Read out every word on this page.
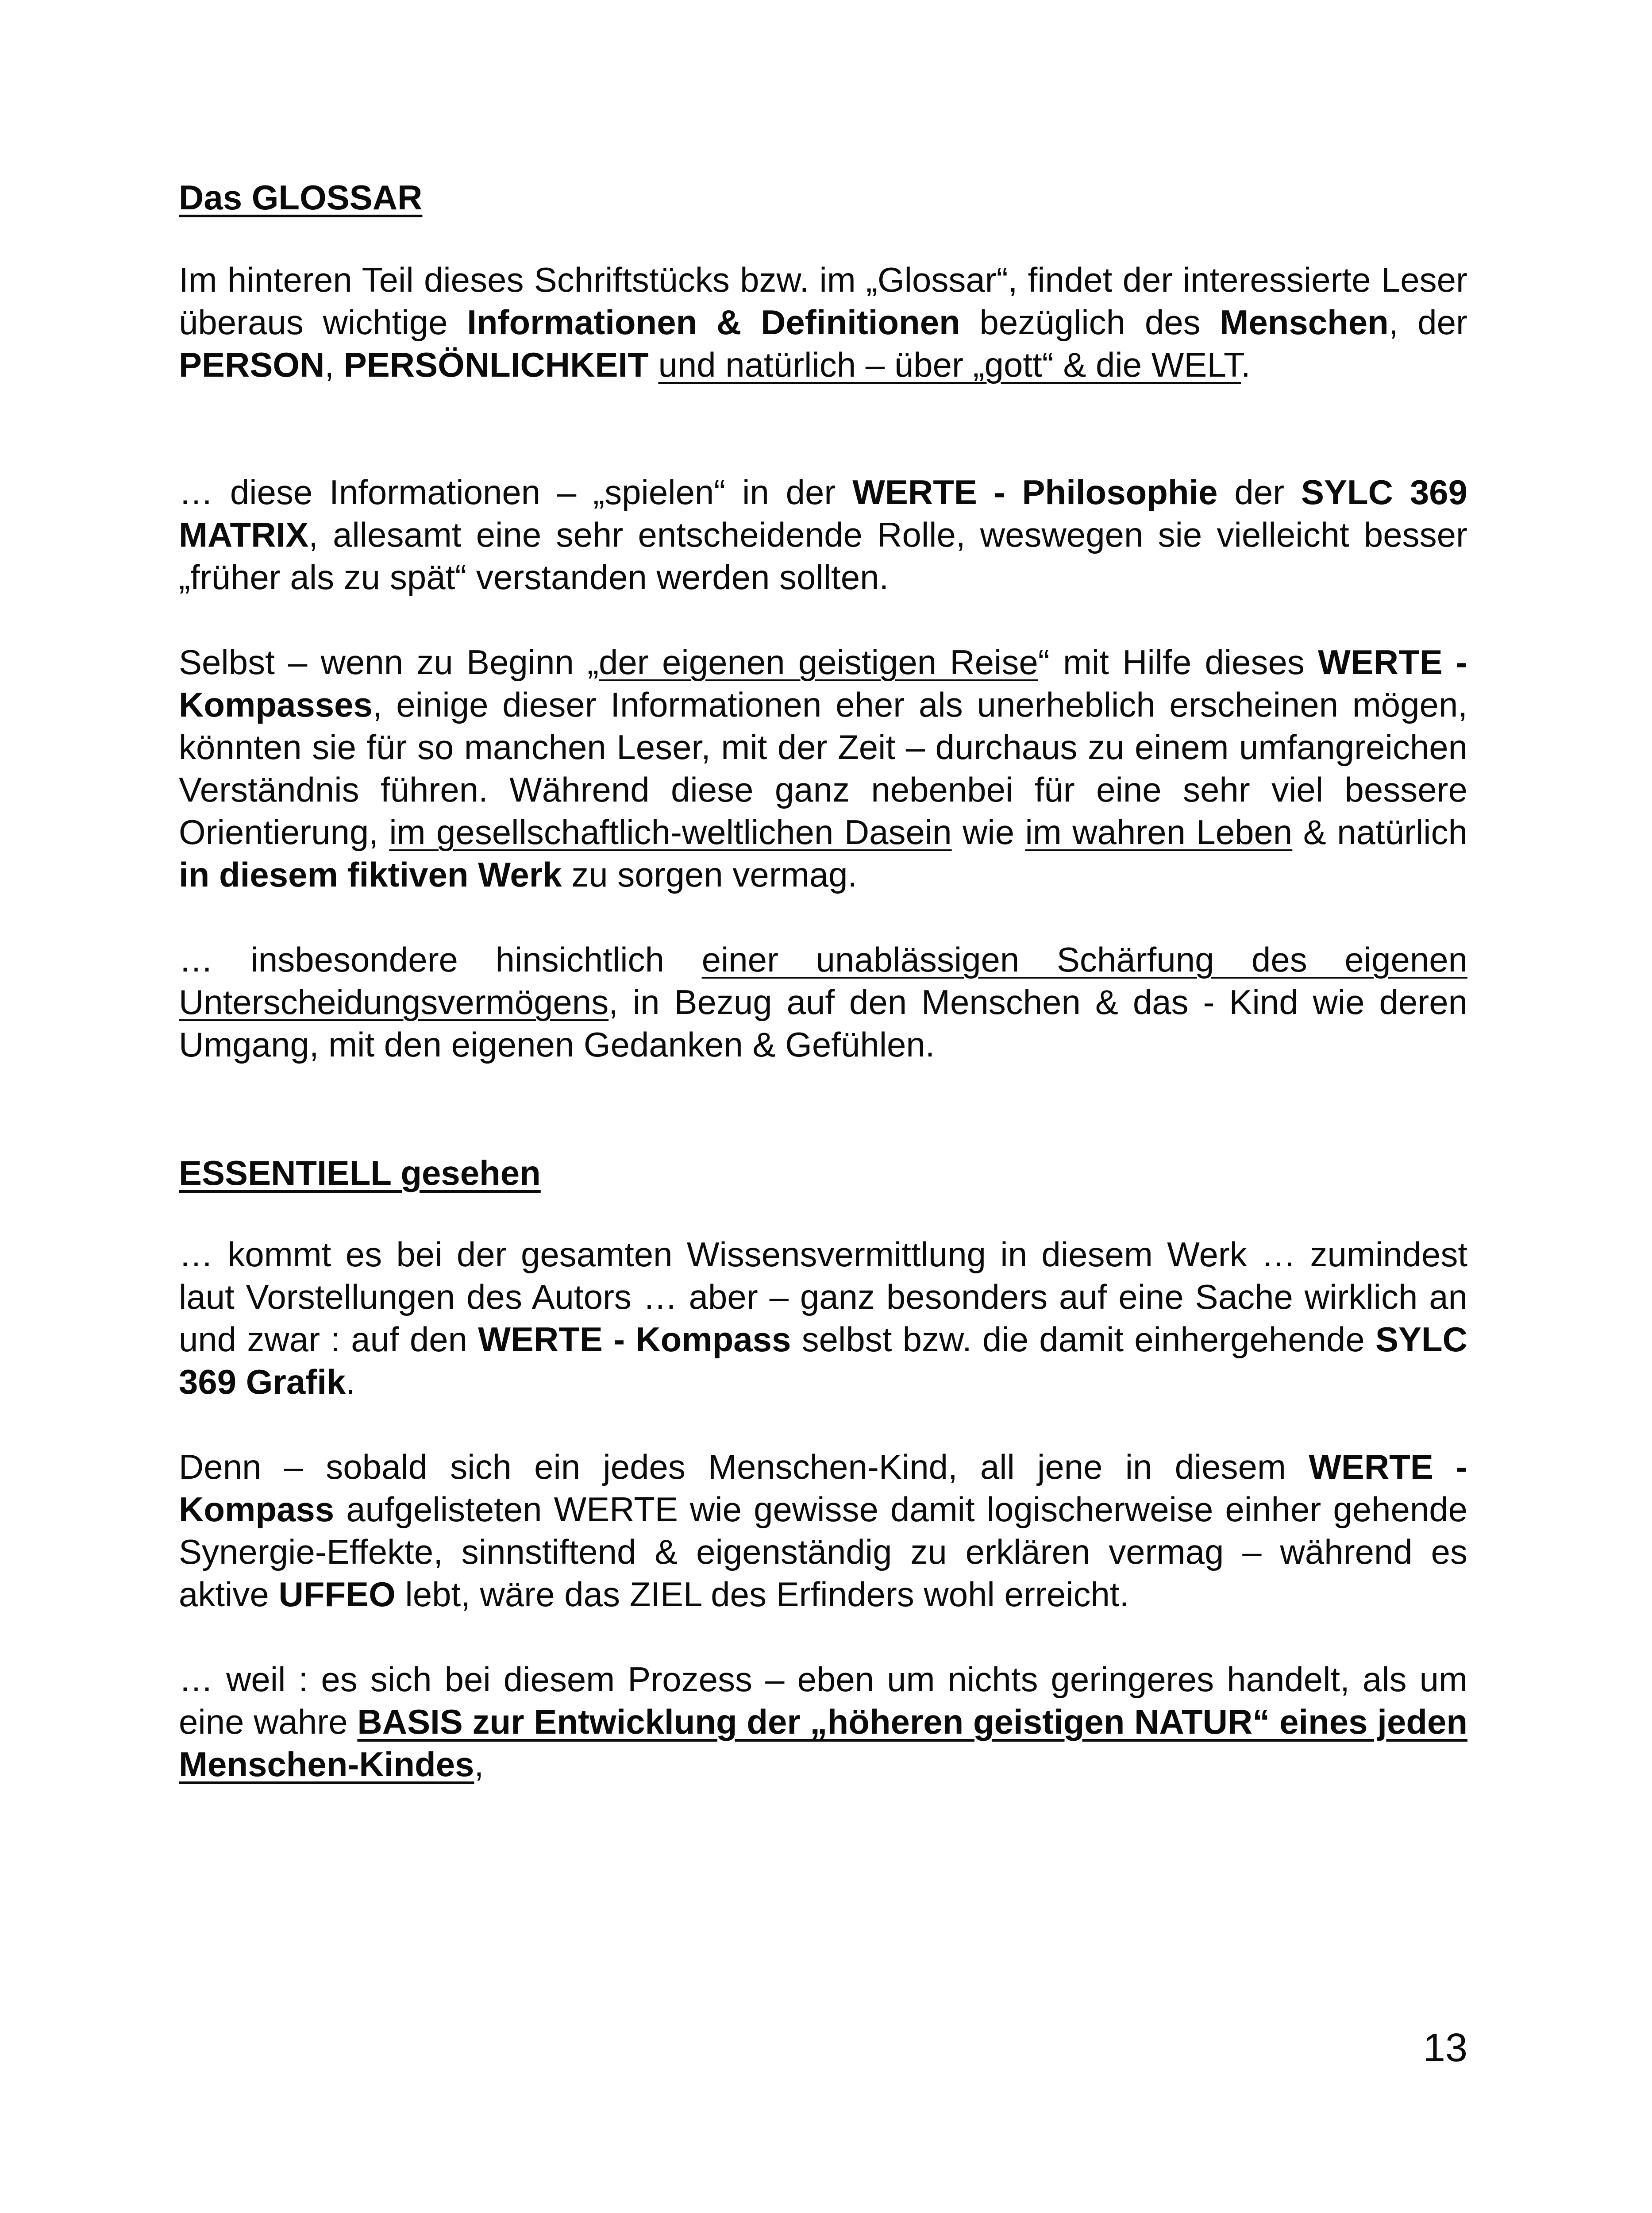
Das GLOSSAR

Im hinteren Teil dieses Schriftstücks bzw. im „Glossar“, findet der interessierte Leser überaus wichtige Informationen & Definitionen bezüglich des Menschen, der PERSON, PERSÖNLICHKEIT und natürlich – über „gott“ & die WELT.

… diese Informationen – „spielen“ in der WERTE - Philosophie der SYLC 369 MATRIX, allesamt eine sehr entscheidende Rolle, weswegen sie vielleicht besser „früher als zu spät“ verstanden werden sollten.

Selbst – wenn zu Beginn „der eigenen geistigen Reise“ mit Hilfe dieses WERTE - Kompasses, einige dieser Informationen eher als unerheblich erscheinen mögen, könnten sie für so manchen Leser, mit der Zeit – durchaus zu einem umfangreichen Verständnis führen. Während diese ganz nebenbei für eine sehr viel bessere Orientierung, im gesellschaftlich-weltlichen Dasein wie im wahren Leben & natürlich in diesem fiktiven Werk zu sorgen vermag.

… insbesondere hinsichtlich einer unablässigen Schärfung des eigenen Unterscheidungsvermögens, in Bezug auf den Menschen & das - Kind wie deren Umgang, mit den eigenen Gedanken & Gefühlen.

ESSENTIELL gesehen

… kommt es bei der gesamten Wissensvermittlung in diesem Werk … zumindest laut Vorstellungen des Autors … aber – ganz besonders auf eine Sache wirklich an und zwar : auf den WERTE - Kompass selbst bzw. die damit einhergehende SYLC 369 Grafik.

Denn – sobald sich ein jedes Menschen-Kind, all jene in diesem WERTE - Kompass aufgelisteten WERTE wie gewisse damit logischerweise einher gehende Synergie-Effekte, sinnstiftend & eigenständig zu erklären vermag – während es aktive UFFEO lebt, wäre das ZIEL des Erfinders wohl erreicht.

… weil : es sich bei diesem Prozess – eben um nichts geringeres handelt, als um eine wahre BASIS zur Entwicklung der „höheren geistigen NATUR“ eines jeden Menschen-Kindes,

13
